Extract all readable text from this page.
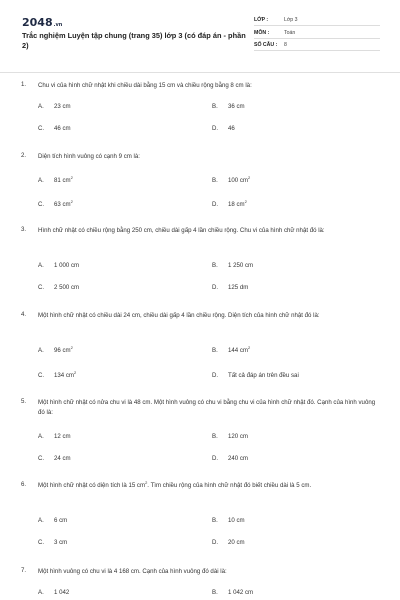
2048.vn
Trắc nghiệm Luyện tập chung (trang 35) lớp 3 (có đáp án - phần 2)
LỚP :	Lớp 3
MÔN :	Toán
SỐ CÂU : 8
1. Chu vi của hình chữ nhật khi chiều dài bằng 15 cm và chiều rộng bằng 8 cm là:
A. 23 cm	B. 36 cm
C. 46 cm	D. 46
2. Diện tích hình vuông có cạnh 9 cm là:
A. 81 $cm^2$	B. 100 $cm^2$
C. 63 $cm^2$	D. 18 $cm^2$
3. Hình chữ nhật có chiều rộng bằng 250 cm, chiều dài gấp 4 lần chiều rộng. Chu vi của hình chữ nhật đó là:
A. 1 000 cm	B. 1 250 cm
C. 2 500 cm	D. 125 dm
4. Một hình chữ nhật có chiều dài 24 cm, chiều dài gấp 4 lần chiều rộng. Diện tích của hình chữ nhật đó là:
A. 96 $cm^2$	B. 144 $cm^2$
C. 134 $cm^2$	D. Tất cả đáp án trên đều sai
5. Một hình chữ nhật có nửa chu vi là 48 cm. Một hình vuông có chu vi bằng chu vi của hình chữ nhật đó. Cạnh của hình vuông đó là:
A. 12 cm	B. 120 cm
C. 24 cm	D. 240 cm
6. Một hình chữ nhật có diện tích là 15 $cm^2$. Tìm chiều rộng của hình chữ nhật đó biết chiều dài là 5 cm.
A. 6 cm	B. 10 cm
C. 3 cm	D. 20 cm
7. Một hình vuông có chu vi là 4 168 cm. Cạnh của hình vuông đó dài là:
A. 1 042	B. 1 042 cm
